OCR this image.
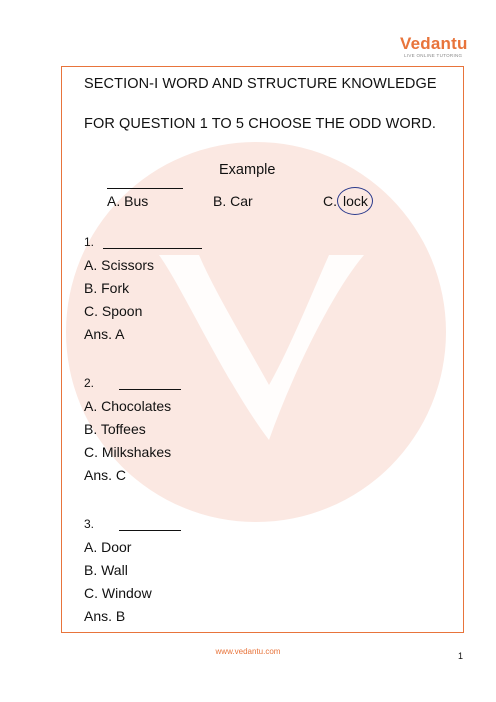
Vedantu
LIVE ONLINE TUTORING
SECTION-I WORD AND STRUCTURE KNOWLEDGE
FOR QUESTION 1 TO 5 CHOOSE THE ODD WORD.
Example
A. Bus	B. Car	C. lock
1.
A. Scissors
B. Fork
C. Spoon
Ans. A
2.
A. Chocolates
B. Toffees
C. Milkshakes
Ans. C
3.
A. Door
B. Wall
C. Window
Ans. B
www.vedantu.com	1
